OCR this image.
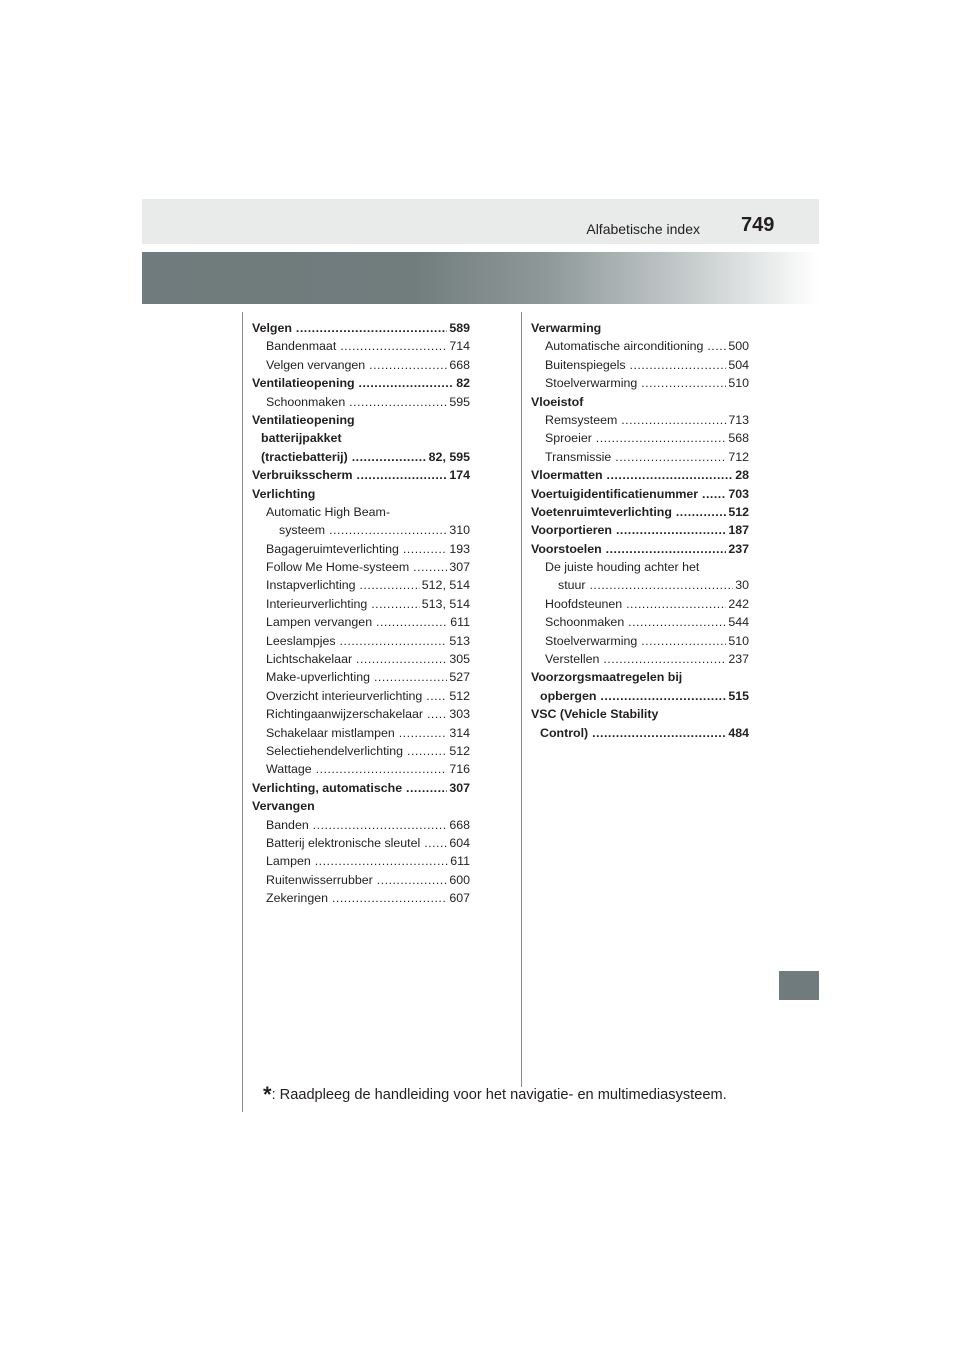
Alfabetische index 749
Velgen .....	589
Bandenmaat .....	714
Velgen vervangen .....	668
Ventilatieopening .....	82
Schoonmaken .....	595
Ventilatieopening
batterijpakket
(tractiebatterij) .....	82, 595
Verbruiksscherm .....	174
Verlichting
Automatic High Beam-
systeem .....	310
Bagageruimteverlichting .....	193
Follow Me Home-systeem .....	307
Instapverlichting .....	512, 514
Interieurverlichting .....	513, 514
Lampen vervangen .....	611
Leeslampjes .....	513
Lichtschakelaar .....	305
Make-upverlichting .....	527
Overzicht interieurverlichting .....	512
Richtingaanwijzerschakelaar .....	303
Schakelaar mistlampen .....	314
Selectiehendelverlichting .....	512
Wattage .....	716
Verlichting, automatische .....	307
Vervangen
Banden .....	668
Batterij elektronische sleutel .....	604
Lampen .....	611
Ruitenwisserrubber .....	600
Zekeringen .....	607
Verwarming
Automatische airconditioning .....	500
Buitenspiegels .....	504
Stoelverwarming .....	510
Vloeistof
Remsysteem .....	713
Sproeier .....	568
Transmissie .....	712
Vloermatten .....	28
Voertuigidentificatienummer .....	703
Voetenruimteverlichting .....	512
Voorportieren .....	187
Voorstoelen .....	237
De juiste houding achter het
stuur .....	30
Hoofdsteunen .....	242
Schoonmaken .....	544
Stoelverwarming .....	510
Verstellen .....	237
Voorzorgsmaatregelen bij
opbergen .....	515
VSC (Vehicle Stability
Control) .....	484
*: Raadpleeg de handleiding voor het navigatie- en multimediasysteem.
